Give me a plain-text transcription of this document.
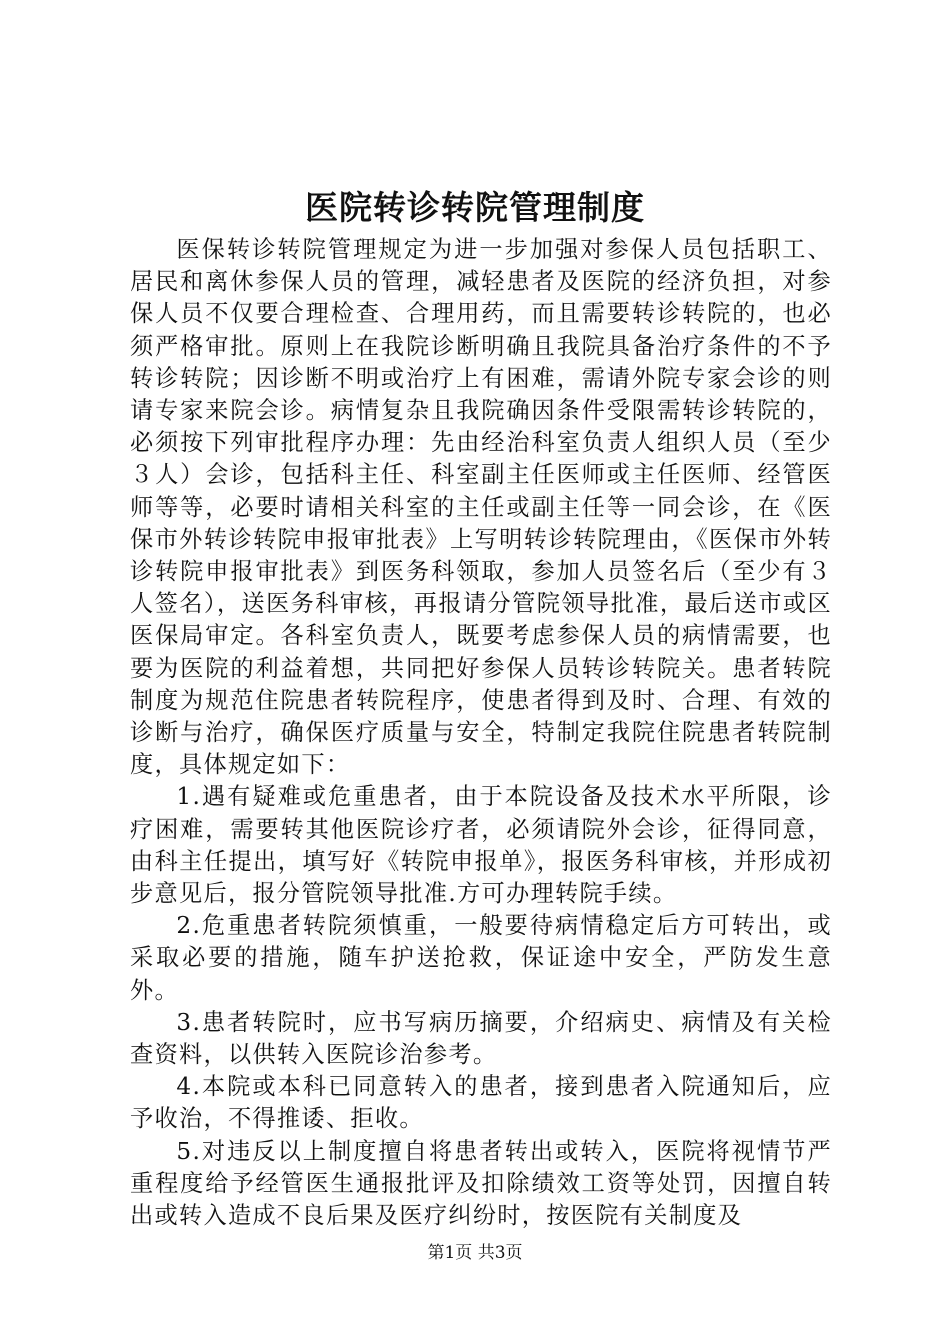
医院转诊转院管理制度

医保转诊转院管理规定为进一步加强对参保人员包括职工、居民和离休参保人员的管理，减轻患者及医院的经济负担，对参保人员不仅要合理检查、合理用药，而且需要转诊转院的，也必须严格审批。原则上在我院诊断明确且我院具备治疗条件的不予转诊转院；因诊断不明或治疗上有困难，需请外院专家会诊的则请专家来院会诊。病情复杂且我院确因条件受限需转诊转院的，必须按下列审批程序办理：先由经治科室负责人组织人员（至少３人）会诊，包括科主任、科室副主任医师或主任医师、经管医师等等，必要时请相关科室的主任或副主任等一同会诊，在《医保市外转诊转院申报审批表》上写明转诊转院理由，《医保市外转诊转院申报审批表》到医务科领取，参加人员签名后（至少有３人签名），送医务科审核，再报请分管院领导批准，最后送市或区医保局审定。各科室负责人，既要考虑参保人员的病情需要，也要为医院的利益着想，共同把好参保人员转诊转院关。患者转院制度为规范住院患者转院程序，使患者得到及时、合理、有效的诊断与治疗，确保医疗质量与安全，特制定我院住院患者转院制度，具体规定如下：

1.遇有疑难或危重患者，由于本院设备及技术水平所限，诊疗困难，需要转其他医院诊疗者，必须请院外会诊，征得同意，由科主任提出，填写好《转院申报单》，报医务科审核，并形成初步意见后，报分管院领导批准.方可办理转院手续。

2.危重患者转院须慎重，一般要待病情稳定后方可转出，或采取必要的措施，随车护送抢救，保证途中安全，严防发生意外。

3.患者转院时，应书写病历摘要，介绍病史、病情及有关检查资料，以供转入医院诊治参考。

4.本院或本科已同意转入的患者，接到患者入院通知后，应予收治，不得推诿、拒收。

5.对违反以上制度擅自将患者转出或转入，医院将视情节严重程度给予经管医生通报批评及扣除绩效工资等处罚，因擅自转出或转入造成不良后果及医疗纠纷时，按医院有关制度及

第1页 共3页
